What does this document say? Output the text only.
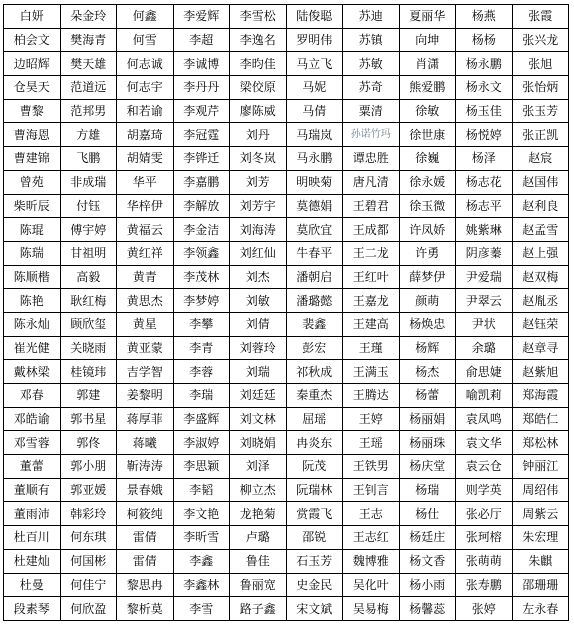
白妍	朵金玲	何鑫	李爱辉	李雪松	陆俊聪	苏迪	夏丽华	杨燕	张霞
柏会文	樊海青	何雪	李超	李逸名	罗明伟	苏镇	向坤	杨杨	张兴龙
边昭辉	樊天雄	何志诚	李诚博	李昀佳	马立飞	苏敏	肖潇	杨永鹏	张旭
仓昊天	范道远	何志宇	李丹丹	梁佼原	马妮	苏奇	熊爱鹏	杨永文	张怡炳
曹黎	范邦男	和若谕	李观芹	廖陈威	马倩	粟清	徐敏	杨玉佳	张玉芳
曹海恩	方雄	胡嘉琦	李冠霆	刘丹	马瑞岚	孙诺竹玛	徐世康	杨悦婷	张正凯
曹建锦	飞鹏	胡婧雯	李铧迁	刘冬岚	马永鹏	谭忠胜	徐巍	杨泽	赵宸
曾苑	非成瑞	华平	李嘉鹏	刘芳	明映菊	唐凡清	徐永媛	杨志花	赵国伟
柴昕辰	付钰	华梓伊	李解放	刘芳宇	莫德娟	王碧君	徐玉微	杨志平	赵利良
陈琨	傅宇婷	黄福云	李金洁	刘海涛	莫欣宜	王成都	许凤娇	姚紫琳	赵孟雪
陈瑞	甘祖明	黄红祥	李领鑫	刘红仙	牛春平	王二龙	许勇	阴彦蓁	赵上强
陈顺楷	高毅	黄青	李茂林	刘杰	潘朝启	王红叶	薛梦伊	尹爱瑞	赵双梅
陈艳	耿红梅	黄思杰	李梦婷	刘敏	潘璐懿	王嘉龙	颜萌	尹翠云	赵胤丞
陈永灿	顾欣玺	黄星	李攀	刘倩	裴鑫	王建高	杨焕忠	尹状	赵钰荣
崔光健	关晓雨	黄亚蒙	李青	刘蓉玲	彭宏	王瑾	杨辉	余璐	赵章寻
戴林梁	桂镜玮	吉学智	李蓉	刘瑞	祁秋成	王满玉	杨杰	俞思婕	赵紫旭
邓春	郭建	姜黎明	李瑞	刘廷廷	秦重杰	王腾达	杨蕾	喻凯莉	郑海霞
邓皓谕	郭书星	蒋厚菲	李盛辉	刘文林	屈瑶	王婷	杨丽娟	袁凤鸣	郑皓仁
邓雪蓉	郭佟	蒋曦	李淑婷	刘晓娟	冉炎东	王瑶	杨丽珠	袁文华	郑松林
董蕾	郭小朋	靳涛涛	李思颖	刘泽	阮茂	王铁男	杨庆堂	袁云仓	钟丽江
董顺有	郭亚媛	景春娥	李韬	柳立杰	阮瑞林	王钊言	杨瑞	则学英	周绍伟
董雨沛	韩彩玲	柯筱纯	李文艳	龙艳菊	赏霞飞	王志	杨仕	张必厅	周紫云
杜百川	何东琪	雷倩	李昕雪	卢璐	邵锐	王志红	杨廷庄	张珂榕	朱宏理
杜建灿	何国彬	雷倩	李鑫	鲁佳	石玉芳	魏博雅	杨文香	张萌萌	朱麒
杜曼	何佳宁	黎思冉	李鑫林	鲁丽宽	史金民	吴化叶	杨小雨	张寿鹏	邵珊珊
段素琴	何欣盈	黎析莫	李雪	路子鑫	宋文斌	吴易梅	杨馨蕊	张婷	左永春
